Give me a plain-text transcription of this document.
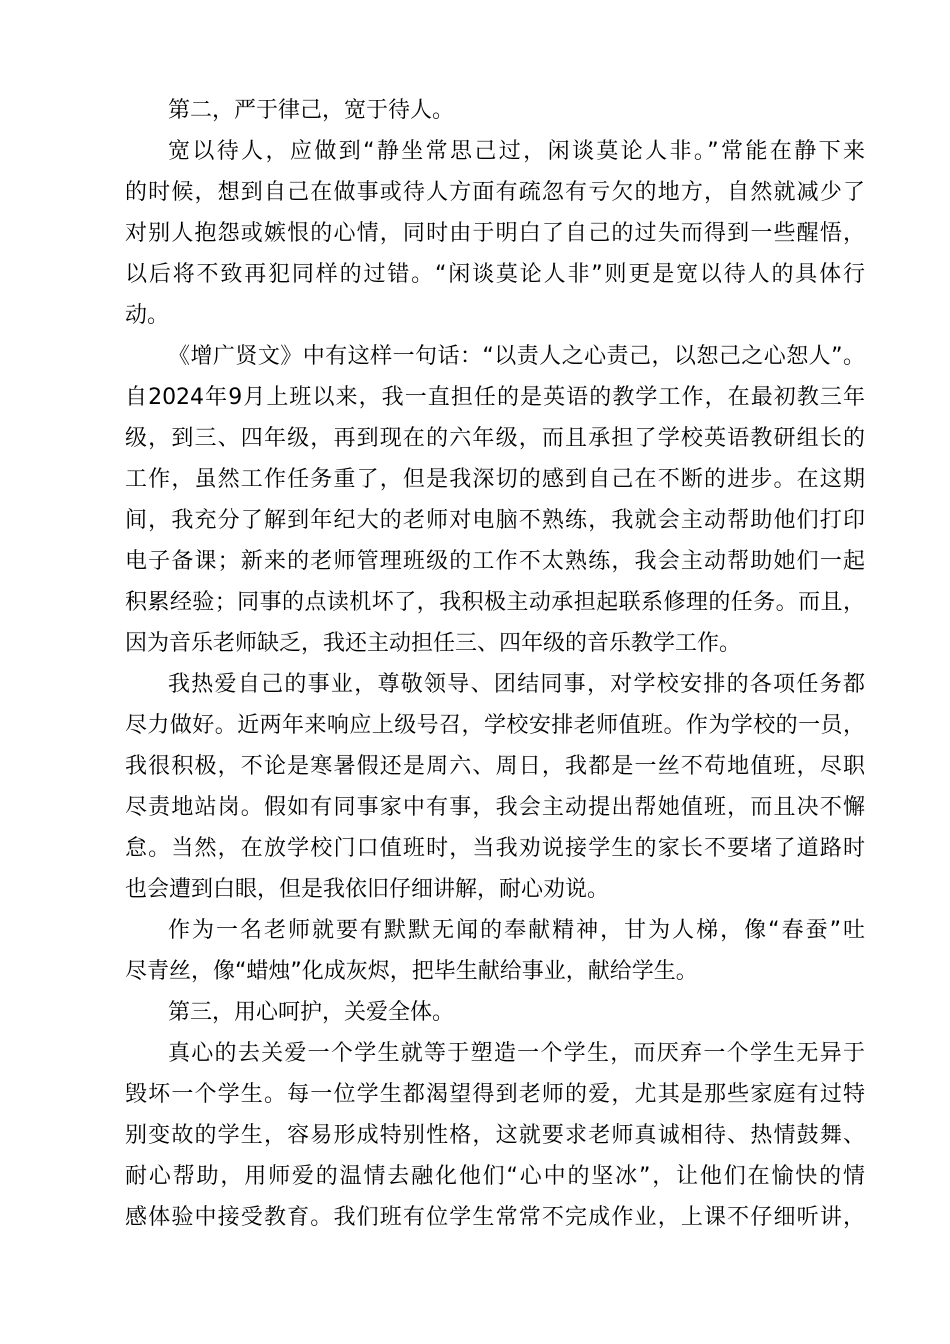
第二，严于律己，宽于待人。
宽以待人，应做到“静坐常思己过，闲谈莫论人非。”常能在静下来
的时候，想到自己在做事或待人方面有疏忽有亏欠的地方，自然就减少了
对别人抱怨或嫉恨的心情，同时由于明白了自己的过失而得到一些醒悟，
以后将不致再犯同样的过错。“闲谈莫论人非”则更是宽以待人的具体行
动。
《增广贤文》中有这样一句话：“以责人之心责己，以恕己之心恕人”。
自2024年9月上班以来，我一直担任的是英语的教学工作，在最初教三年
级，到三、四年级，再到现在的六年级，而且承担了学校英语教研组长的
工作，虽然工作任务重了，但是我深切的感到自己在不断的进步。在这期
间，我充分了解到年纪大的老师对电脑不熟练，我就会主动帮助他们打印
电子备课；新来的老师管理班级的工作不太熟练，我会主动帮助她们一起
积累经验；同事的点读机坏了，我积极主动承担起联系修理的任务。而且，
因为音乐老师缺乏，我还主动担任三、四年级的音乐教学工作。
我热爱自己的事业，尊敬领导、团结同事，对学校安排的各项任务都
尽力做好。近两年来响应上级号召，学校安排老师值班。作为学校的一员，
我很积极，不论是寒暑假还是周六、周日，我都是一丝不苟地值班，尽职
尽责地站岗。假如有同事家中有事，我会主动提出帮她值班，而且决不懈
怠。当然，在放学校门口值班时，当我劝说接学生的家长不要堵了道路时
也会遭到白眼，但是我依旧仔细讲解，耐心劝说。
作为一名老师就要有默默无闻的奉献精神，甘为人梯，像“春蚕”吐
尽青丝，像“蜡烛”化成灰烬，把毕生献给事业，献给学生。
第三，用心呵护，关爱全体。
真心的去关爱一个学生就等于塑造一个学生，而厌弃一个学生无异于
毁坏一个学生。每一位学生都渴望得到老师的爱，尤其是那些家庭有过特
别变故的学生，容易形成特别性格，这就要求老师真诚相待、热情鼓舞、
耐心帮助，用师爱的温情去融化他们“心中的坚冰”，让他们在愉快的情
感体验中接受教育。我们班有位学生常常不完成作业，上课不仔细听讲，
